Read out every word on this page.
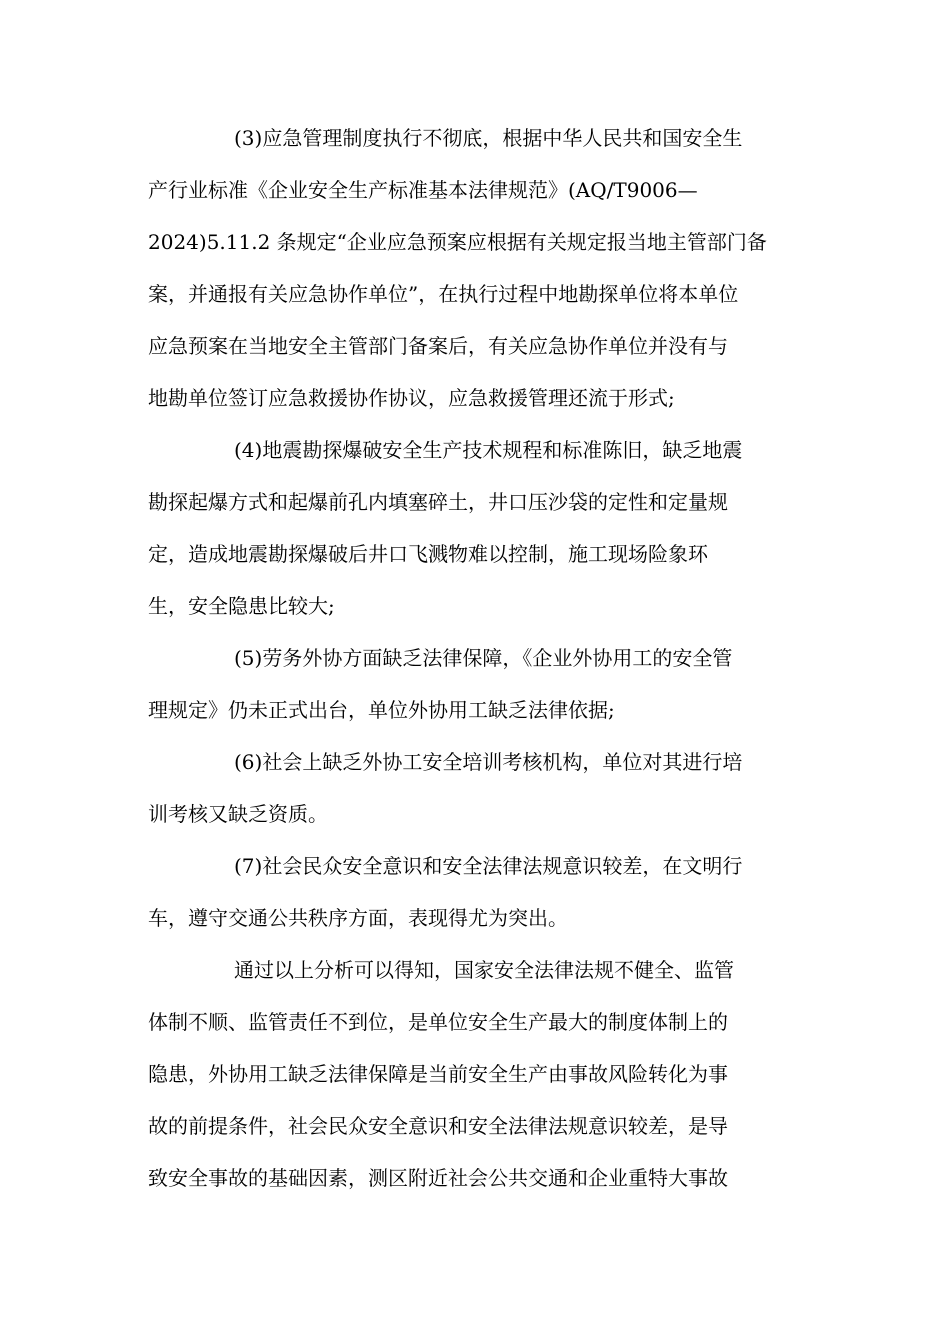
(3)应急管理制度执行不彻底，根据中华人民共和国安全生
产行业标准《企业安全生产标准基本法律规范》(AQ/T9006—
2024)5.11.2 条规定“企业应急预案应根据有关规定报当地主管部门备
案，并通报有关应急协作单位”，在执行过程中地勘探单位将本单位
应急预案在当地安全主管部门备案后，有关应急协作单位并没有与
地勘单位签订应急救援协作协议，应急救援管理还流于形式;
(4)地震勘探爆破安全生产技术规程和标准陈旧，缺乏地震
勘探起爆方式和起爆前孔内填塞碎土，井口压沙袋的定性和定量规
定，造成地震勘探爆破后井口飞溅物难以控制，施工现场险象环
生，安全隐患比较大;
(5)劳务外协方面缺乏法律保障，《企业外协用工的安全管
理规定》仍未正式出台，单位外协用工缺乏法律依据;
(6)社会上缺乏外协工安全培训考核机构，单位对其进行培
训考核又缺乏资质。
(7)社会民众安全意识和安全法律法规意识较差，在文明行
车，遵守交通公共秩序方面，表现得尤为突出。
通过以上分析可以得知，国家安全法律法规不健全、监管
体制不顺、监管责任不到位，是单位安全生产最大的制度体制上的
隐患，外协用工缺乏法律保障是当前安全生产由事故风险转化为事
故的前提条件，社会民众安全意识和安全法律法规意识较差，是导
致安全事故的基础因素，测区附近社会公共交通和企业重特大事故
